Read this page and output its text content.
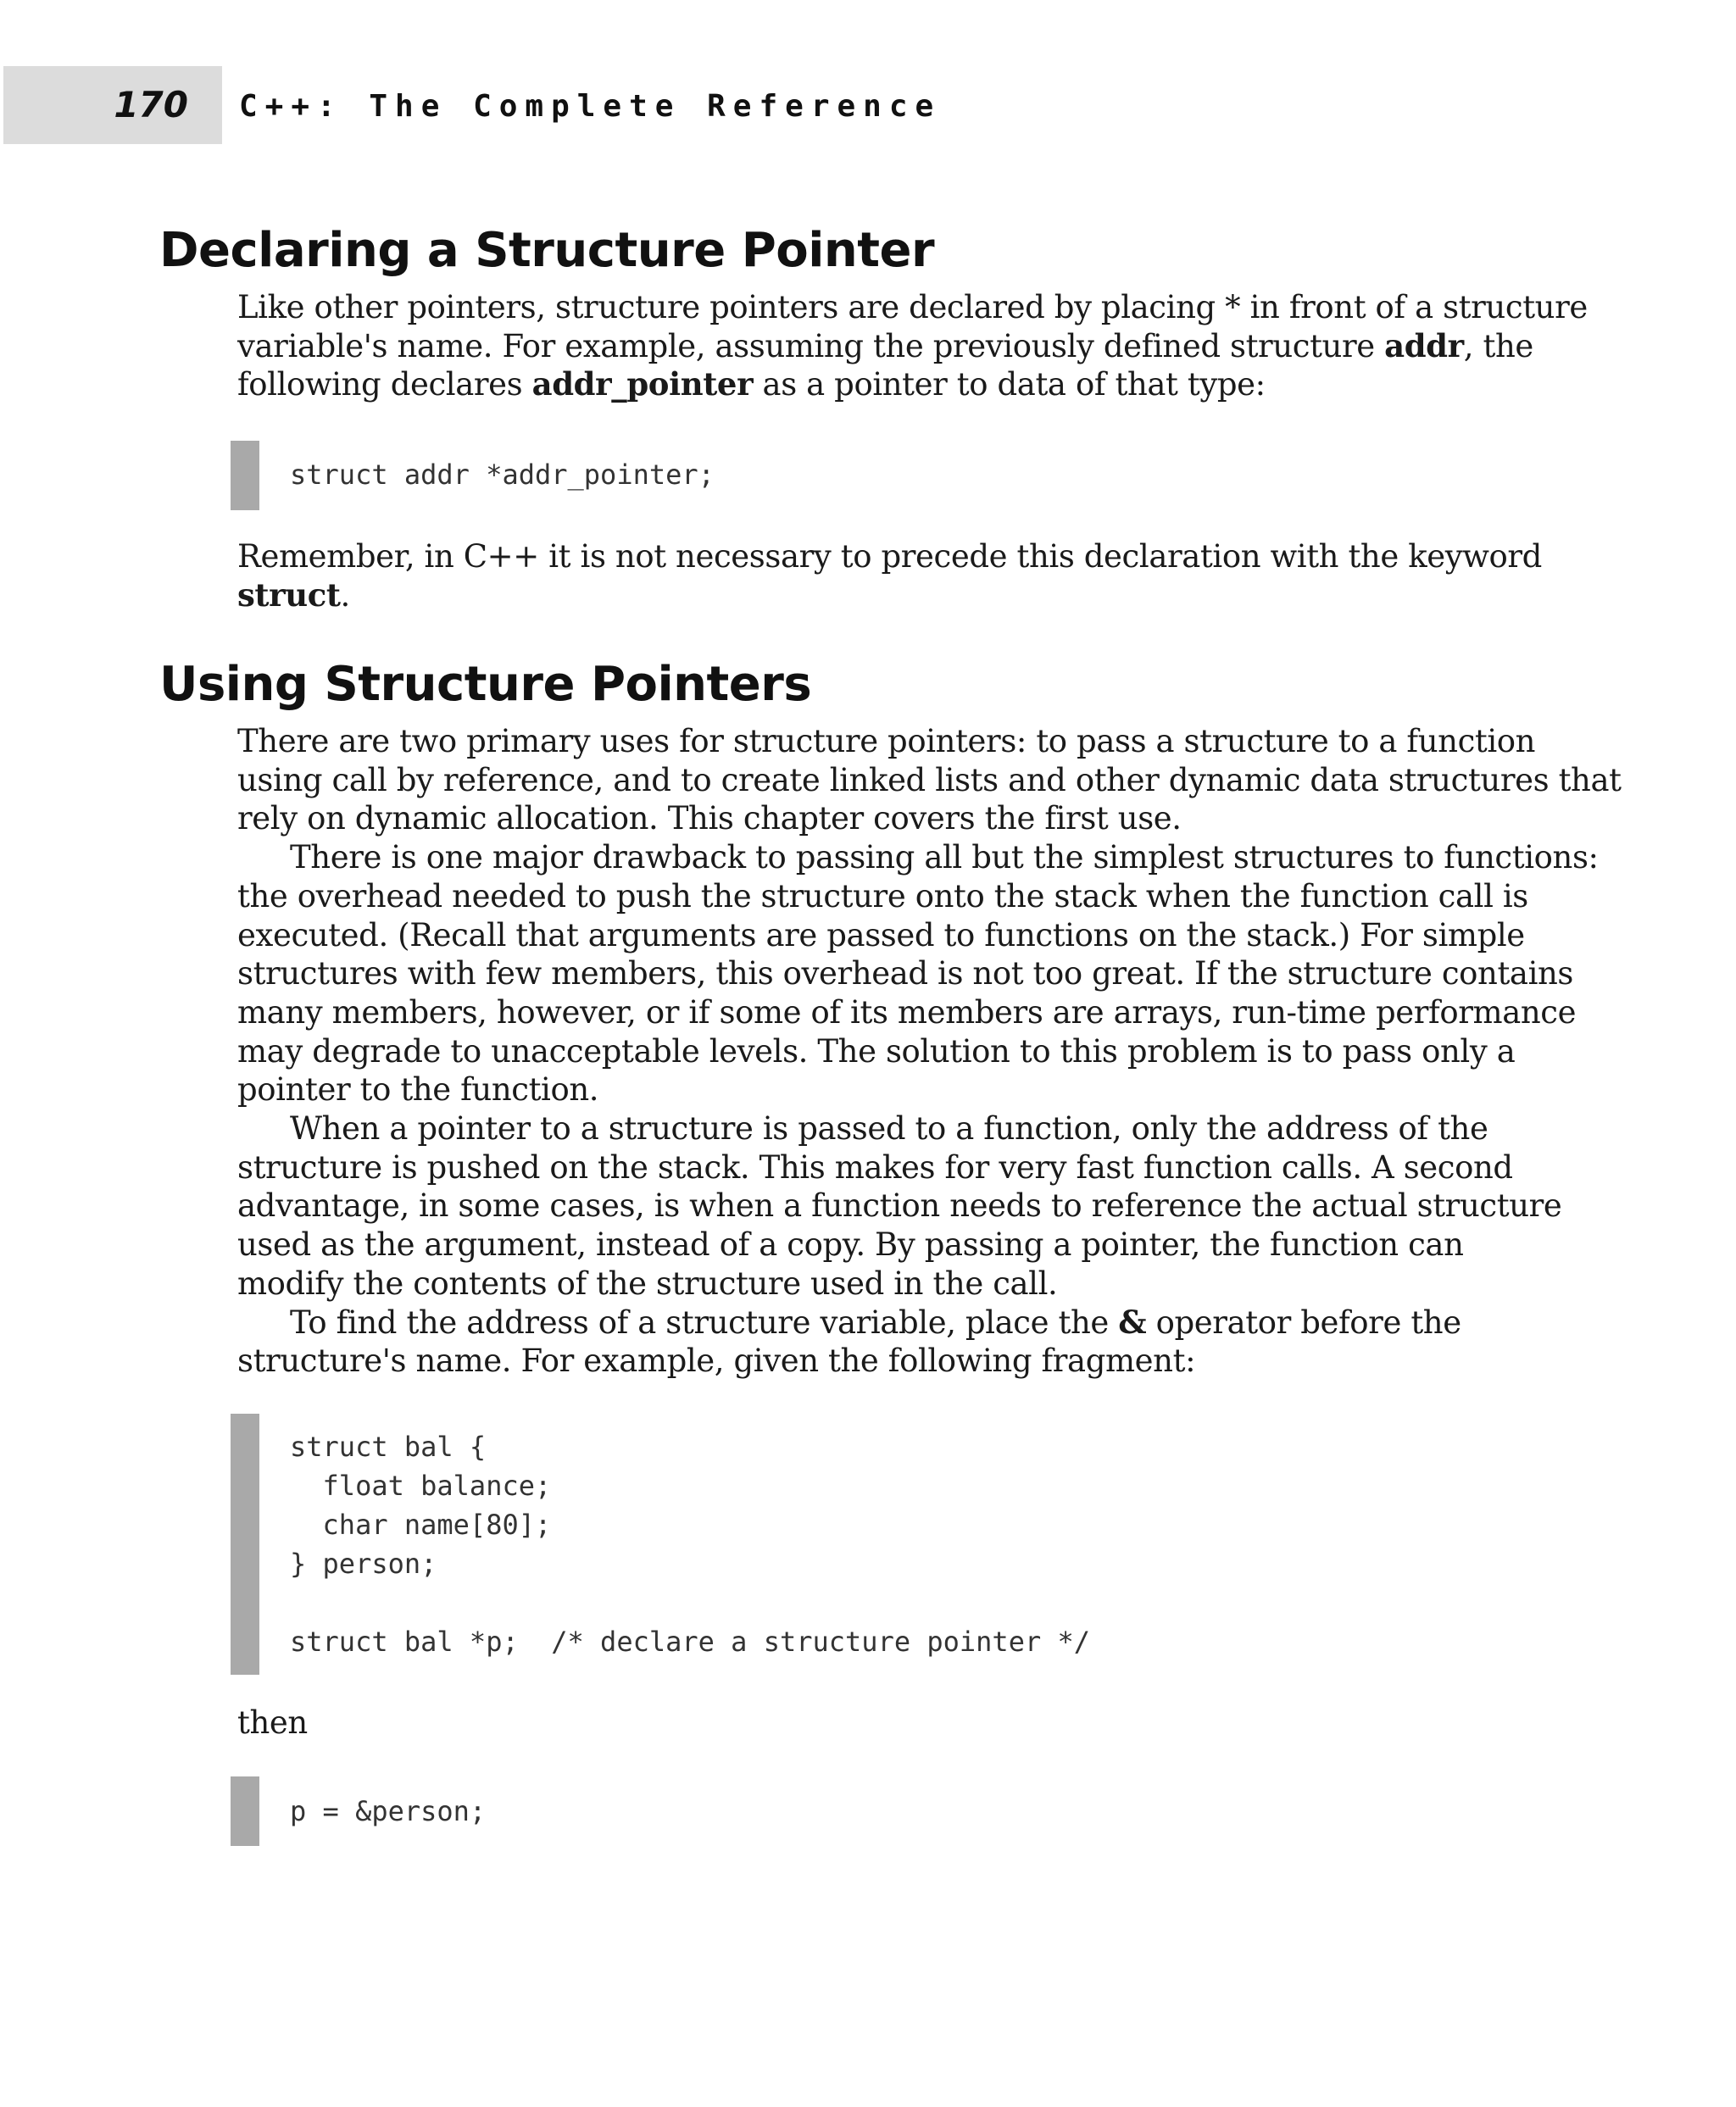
170 C++: The Complete Reference
Declaring a Structure Pointer

Like other pointers, structure pointers are declared by placing * in front of a structure
variable's name. For example, assuming the previously defined structure addr, the
following declares addr_pointer as a pointer to data of that type:

struct addr *addr_pointer;

Remember, in C++ it is not necessary to precede this declaration with the keyword
struct.

Using Structure Pointers

There are two primary uses for structure pointers: to pass a structure to a function
using call by reference, and to create linked lists and other dynamic data structures that
rely on dynamic allocation. This chapter covers the first use.
There is one major drawback to passing all but the simplest structures to functions:
the overhead needed to push the structure onto the stack when the function call is
executed. (Recall that arguments are passed to functions on the stack.) For simple
structures with few members, this overhead is not too great. If the structure contains
many members, however, or if some of its members are arrays, run-time performance
may degrade to unacceptable levels. The solution to this problem is to pass only a
pointer to the function.
When a pointer to a structure is passed to a function, only the address of the
structure is pushed on the stack. This makes for very fast function calls. A second
advantage, in some cases, is when a function needs to reference the actual structure
used as the argument, instead of a copy. By passing a pointer, the function can
modify the contents of the structure used in the call.
To find the address of a structure variable, place the & operator before the
structure's name. For example, given the following fragment:

struct bal {
float balance;
char name[80];
} person;

struct bal *p;  /* declare a structure pointer */

then

p = &person;
